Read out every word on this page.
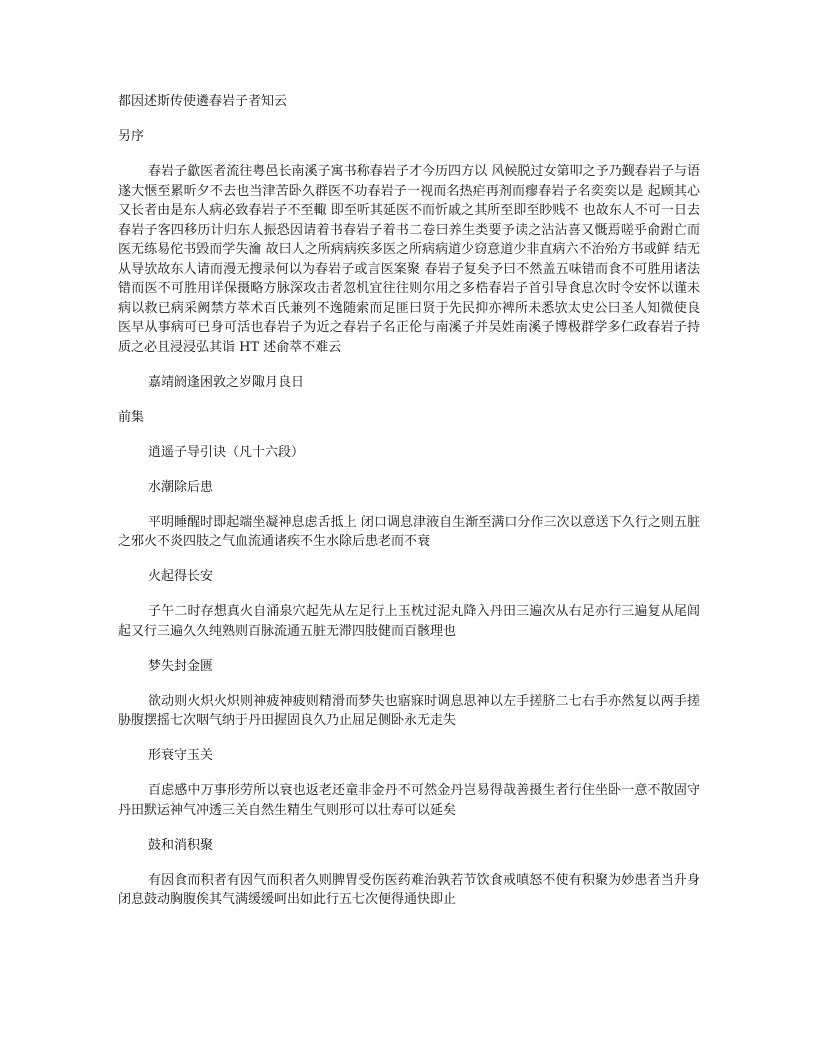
都因述斯传使遴春岩子者知云

另序

春岩子歙医者流往粤邑长南溪子寓书称春岩子才今历四方以 风候脱过女第叩之予乃觐春岩子与语遂大惬至累昕夕不去也当津苦卧久群医不功春岩子一视而名热疟再剂而瘳春岩子名奕奕以是 起顾其心又长者由是东人病必致春岩子不至輙 即至听其延医不而忻戚之其所至即至眇贱不 也故东人不可一日去春岩子客四移历计归东人振恐因请着书春岩子着书二卷曰养生类要予读之沾沾喜又慨焉嗟乎俞跗亡而医无练易佗书毁而学失瀹 故曰人之所病病疾多医之所病病道少窃意道少非直病六不治殆方书或鲜 结无从导欤故东人请而漫无搜录何以为春岩子或言医案聚 春岩子复矣予曰不然盖五味错而食不可胜用诸法错而医不可胜用详保摄略方脉深攻击者忽机宜往往则尔用之多梏春岩子首引导食息次时令安怀以谨未病以救已病采阙禁方萃术百氏兼列不逸随索而足匪曰贤于先民抑亦裨所未悉欤太史公曰圣人知微使良医早从事病可已身可活也春岩子为近之春岩子名正伦与南溪子并吴姓南溪子博极群学多仁政春岩子持 质之必且浸浸弘其诣 HT 述俞萃不难云

嘉靖阏逢困敦之岁陬月良日

前集

逍遥子导引诀（凡十六段）

水潮除后患

平明睡醒时即起端坐凝神息虑舌抵上 闭口调息津液自生渐至满口分作三次以意送下久行之则五脏之邪火不炎四肢之气血流通诸疾不生水除后患老而不衰

火起得长安

子午二时存想真火自涌泉穴起先从左足行上玉枕过泥丸降入丹田三遍次从右足亦行三遍复从尾闾起又行三遍久久纯熟则百脉流通五脏无滞四肢健而百骸理也

梦失封金匮

欲动则火炽火炽则神疲神疲则精滑而梦失也寤寐时调息思神以左手搓脐二七右手亦然复以两手搓胁腹摆摇七次咽气纳于丹田握固良久乃止屈足侧卧永无走失

形衰守玉关

百虑感中万事形劳所以衰也返老还童非金丹不可然金丹岂易得哉善摄生者行住坐卧一意不散固守丹田默运神气冲透三关自然生精生气则形可以壮寿可以延矣

鼓和消积聚

有因食而积者有因气而积者久则脾胃受伤医药难治孰若节饮食戒嗔怒不使有积聚为妙患者当升身闭息鼓动胸腹俟其气满缓缓呵出如此行五七次便得通快即止
